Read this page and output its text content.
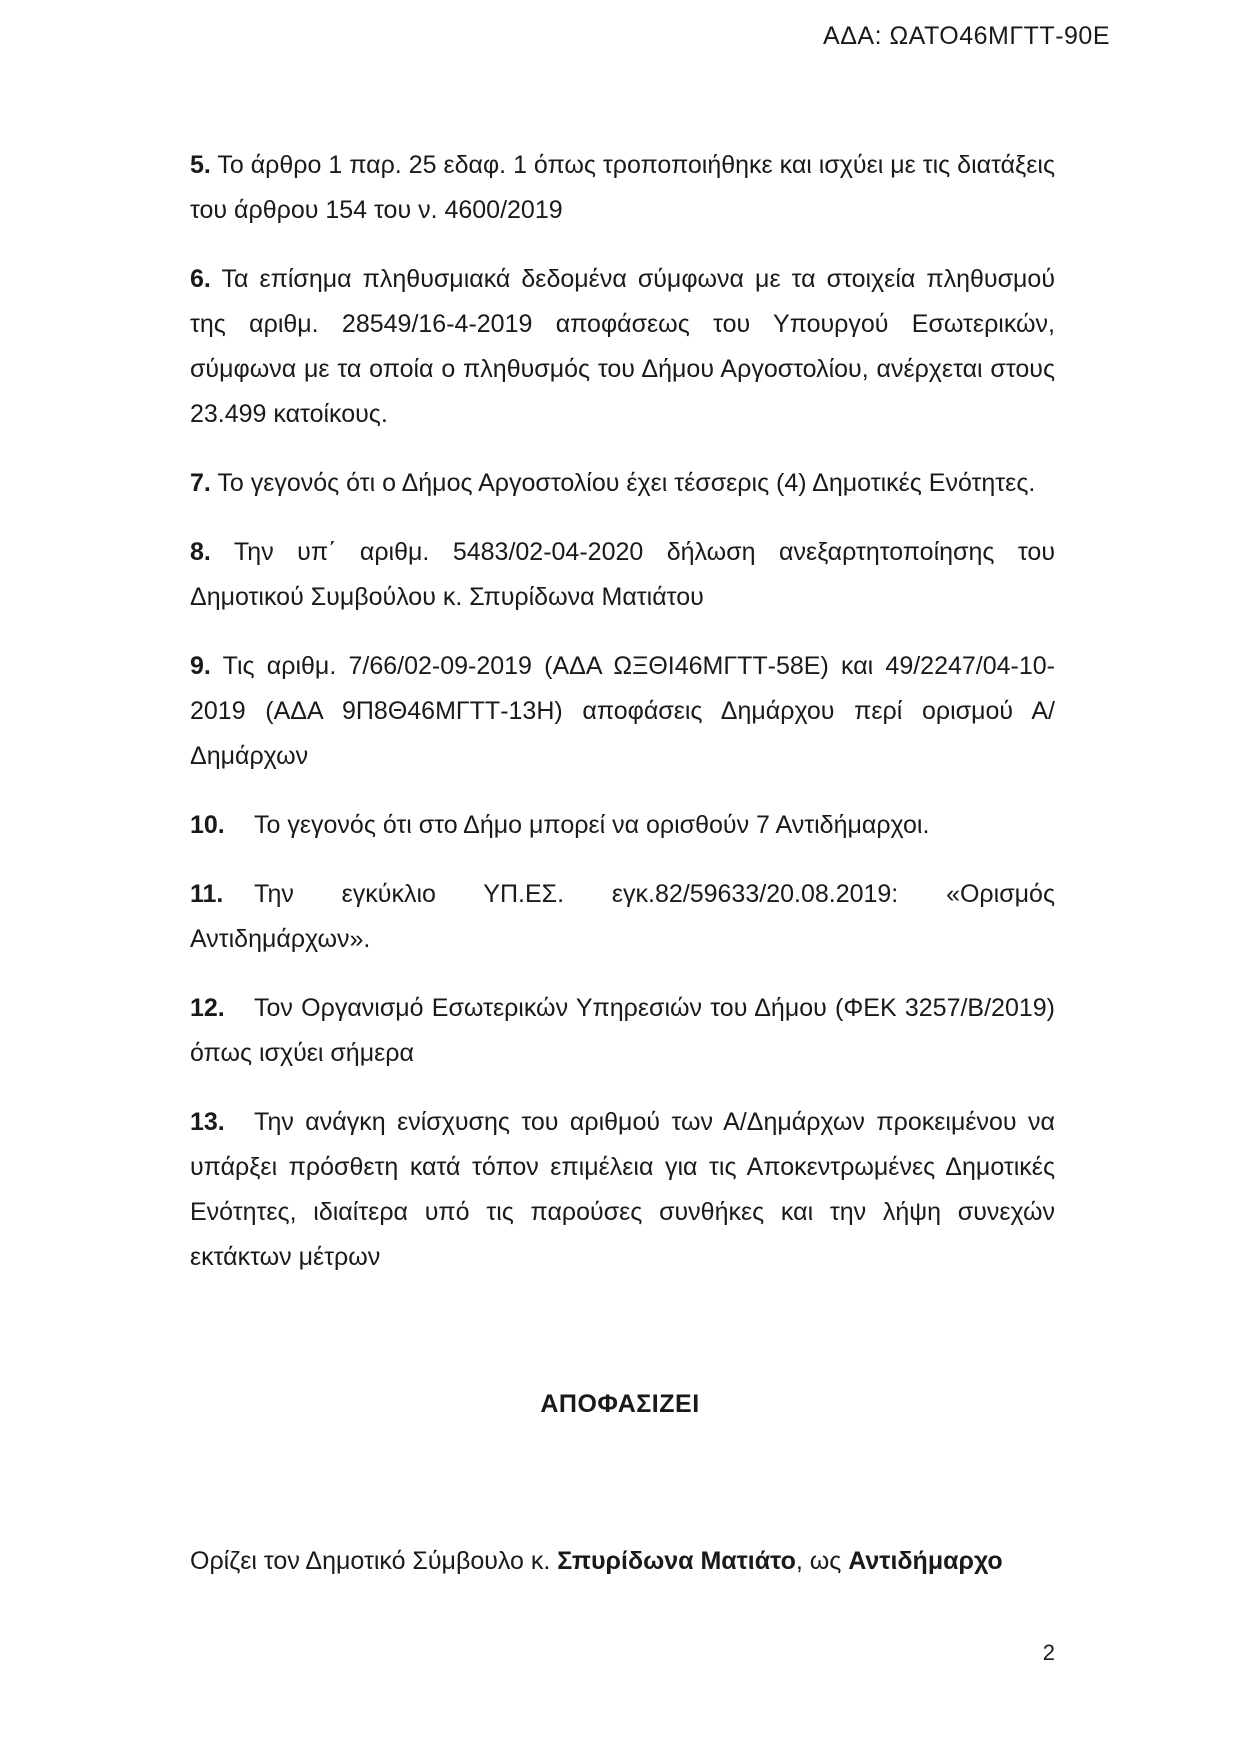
ΑΔΑ: ΩΑΤΟ46ΜΓΤΤ-90Ε

5. Το άρθρο 1 παρ. 25 εδαφ. 1 όπως τροποποιήθηκε και ισχύει με τις διατάξεις του άρθρου 154 του ν. 4600/2019

6. Τα επίσημα πληθυσμιακά δεδομένα σύμφωνα με τα στοιχεία πληθυσμού της αριθμ. 28549/16-4-2019 αποφάσεως του Υπουργού Εσωτερικών, σύμφωνα με τα οποία ο πληθυσμός του Δήμου Αργοστολίου, ανέρχεται στους 23.499 κατοίκους.

7. Το γεγονός ότι ο Δήμος Αργοστολίου έχει τέσσερις (4) Δημοτικές Ενότητες.

8. Την υπ΄ αριθμ. 5483/02-04-2020 δήλωση ανεξαρτητοποίησης του Δημοτικού Συμβούλου κ. Σπυρίδωνα Ματιάτου

9. Τις αριθμ. 7/66/02-09-2019 (ΑΔΑ ΩΞΘΙ46ΜΓΤΤ-58Ε) και 49/2247/04-10-2019 (ΑΔΑ 9Π8Θ46ΜΓΤΤ-13Η) αποφάσεις Δημάρχου περί ορισμού Α/Δημάρχων

10. Το γεγονός ότι στο Δήμο μπορεί να ορισθούν 7 Αντιδήμαρχοι.

11. Την εγκύκλιο ΥΠ.ΕΣ. εγκ.82/59633/20.08.2019: «Ορισμός Αντιδημάρχων».

12. Τον Οργανισμό Εσωτερικών Υπηρεσιών του Δήμου (ΦΕΚ 3257/Β/2019) όπως ισχύει σήμερα

13. Την ανάγκη ενίσχυσης του αριθμού των Α/Δημάρχων προκειμένου να υπάρξει πρόσθετη κατά τόπον επιμέλεια για τις Αποκεντρωμένες Δημοτικές Ενότητες, ιδιαίτερα υπό τις παρούσες συνθήκες και την λήψη συνεχών εκτάκτων μέτρων

ΑΠΟΦΑΣΙΖΕΙ
Ορίζει τον Δημοτικό Σύμβουλο κ. Σπυρίδωνα Ματιάτο, ως Αντιδήμαρχο
2
